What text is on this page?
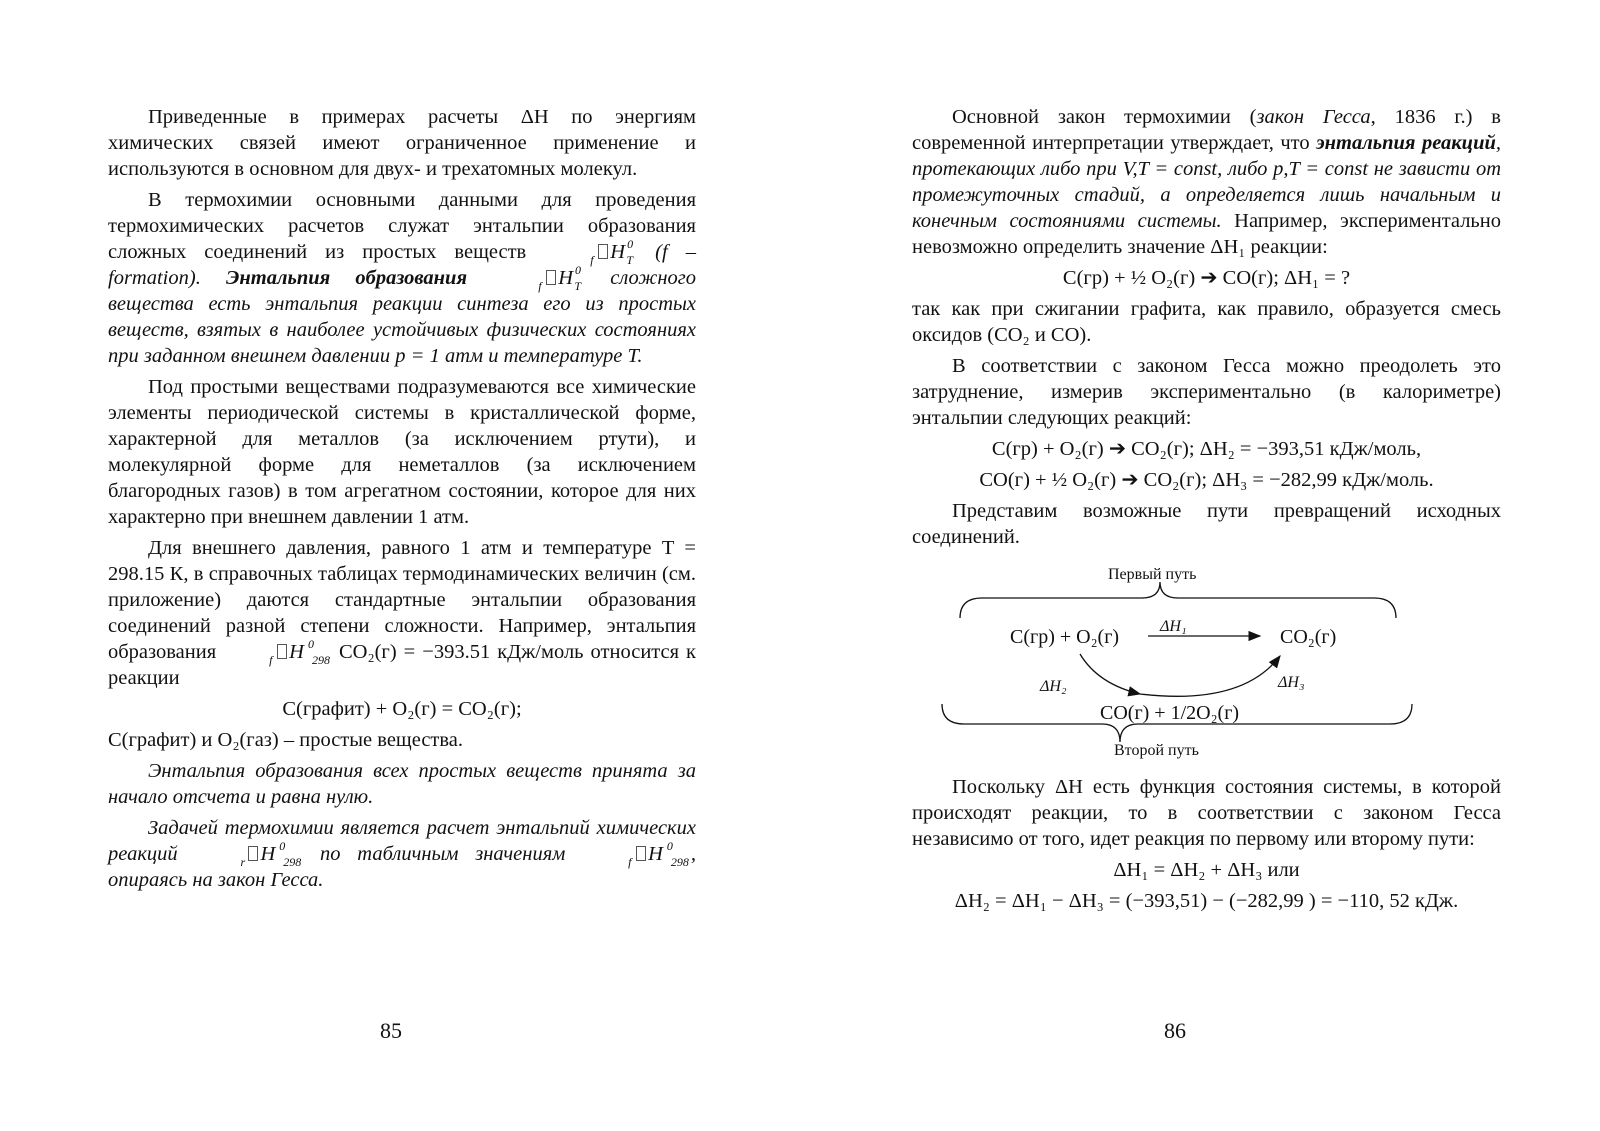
Приведенные в примерах расчеты ΔH по энергиям химических связей имеют ограниченное применение и используются в основном для двух- и трехатомных молекул.

В термохимии основными данными для проведения термохимических расчетов служат энтальпии образования сложных соединений из простых веществ	H
f
0
T (f – formation). Энтальпия образования	H
f
0
T сложного вещества есть энтальпия реакции синтеза его из простых веществ, взятых в наиболее устойчивых физических состояниях при заданном внешнем давлении p = 1 атм и температуре T.

Под простыми веществами подразумеваются все химические элементы периодической системы в кристаллической форме, характерной для металлов (за исключением ртути), и молекулярной форме для неметаллов (за исключением благородных газов) в том агрегатном состоянии, которое для них характерно при внешнем давлении 1 атм.

Для внешнего давления, равного 1 атм и температуре T = 298.15 К, в справочных таблицах термодинамических величин (см. приложение) даются стандартные энтальпии образования соединений разной степени сложности. Например, энтальпия образования	H
f
0
298 CO₂(г) = −393.51 кДж/моль относится к реакции

С(графит) + O₂(г) = CO₂(г);

С(графит) и O₂(газ) – простые вещества.

Энтальпия образования всех простых веществ принята за начало отсчета и равна нулю.

Задачей термохимии является расчет энтальпий химических реакций	H
r
0
298 по табличным значениям	H
f
0
298 , опираясь на закон Гесса.

85

Основной закон термохимии (закон Гесса, 1836 г.) в современной интерпретации утверждает, что энтальпия реакций, протекающих либо при V,T = const, либо p,T = const не зависти от промежуточных стадий, а определяется лишь начальным и конечным состояниями системы. Например, экспериментально невозможно определить значение ΔH₁ реакции:

С(гр) + ½ O₂(г) ➔ CO(г); ΔH₁ = ?

так как при сжигании графита, как правило, образуется смесь оксидов (CO₂ и CO).

В соответствии с законом Гесса можно преодолеть это затруднение, измерив экспериментально (в калориметре) энтальпии следующих реакций:

С(гр) + O₂(г) ➔ CO₂(г); ΔH₂ = −393,51 кДж/моль,

CO(г) + ½ O₂(г) ➔ CO₂(г); ΔH₃ = −282,99 кДж/моль.

Представим возможные пути превращений исходных соединений.

Первый путь
ΔH₁
С(гр) + O₂(г)	CO₂(г)
ΔH₂	ΔH₃
CO(г) + 1/2O₂(г)
Второй путь

Поскольку ΔH есть функция состояния системы, в которой происходят реакции, то в соответствии с законом Гесса независимо от того, идет реакция по первому или второму пути:

ΔH₁ = ΔH₂ + ΔH₃ или

ΔH₂ = ΔH₁ − ΔH₃ = (−393,51) − (−282,99 ) = −110, 52 кДж.

86
